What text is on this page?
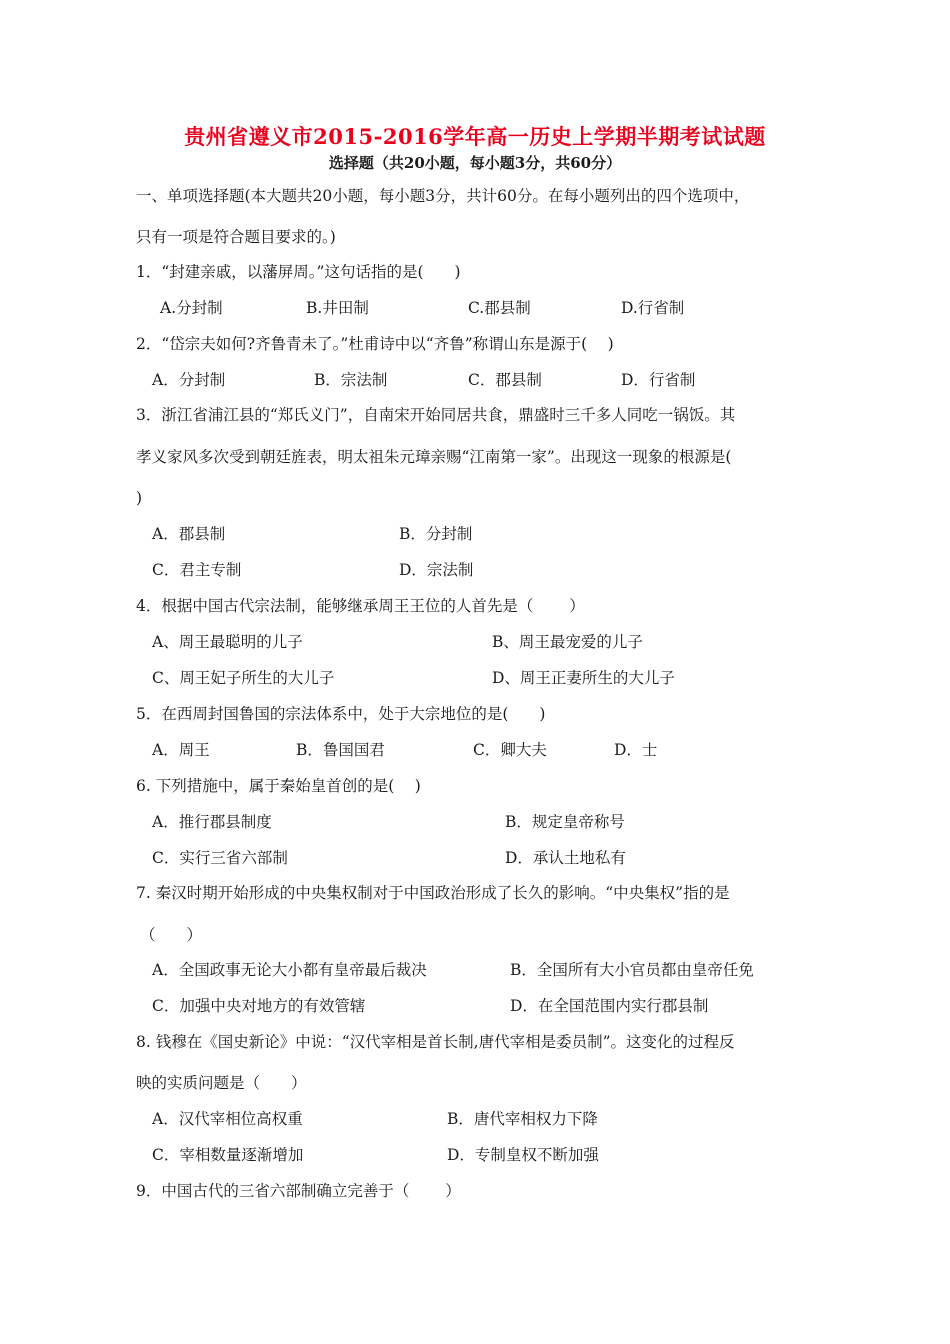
贵州省遵义市2015-2016学年高一历史上学期半期考试试题
选择题（共20小题，每小题3分，共60分）
一、单项选择题(本大题共20小题，每小题3分，共计60分。在每小题列出的四个选项中，
只有一项是符合题目要求的。)
1．“封建亲戚，以藩屏周。”这句话指的是(　　)
A.分封制	B.井田制	C.郡县制	D.行省制
2．“岱宗夫如何?齐鲁青未了。”杜甫诗中以“齐鲁”称谓山东是源于(　 )
A．分封制	B．宗法制	C．郡县制	D．行省制
3．浙江省浦江县的“郑氏义门”，自南宋开始同居共食，鼎盛时三千多人同吃一锅饭。其
孝义家风多次受到朝廷旌表，明太祖朱元璋亲赐“江南第一家”。出现这一现象的根源是(
)
A．郡县制	B．分封制
C．君主专制	D．宗法制
4．根据中国古代宗法制，能够继承周王王位的人首先是（　　 ）
A、周王最聪明的儿子	B、周王最宠爱的儿子
C、周王妃子所生的大儿子	D、周王正妻所生的大儿子
5．在西周封国鲁国的宗法体系中，处于大宗地位的是(　　)
A．周王	B．鲁国国君	C．卿大夫	D．士
6. 下列措施中，属于秦始皇首创的是(　 )
A．推行郡县制度	B．规定皇帝称号
C．实行三省六部制	D．承认土地私有
7. 秦汉时期开始形成的中央集权制对于中国政治形成了长久的影响。“中央集权”指的是
（　　）
A．全国政事无论大小都有皇帝最后裁决	B．全国所有大小官员都由皇帝任免
C．加强中央对地方的有效管辖	D．在全国范围内实行郡县制
8. 钱穆在《国史新论》中说：“汉代宰相是首长制,唐代宰相是委员制”。这变化的过程反
映的实质问题是（　　）
A．汉代宰相位高权重	B．唐代宰相权力下降
C．宰相数量逐渐增加	D．专制皇权不断加强
9．中国古代的三省六部制确立完善于（　　 ）
